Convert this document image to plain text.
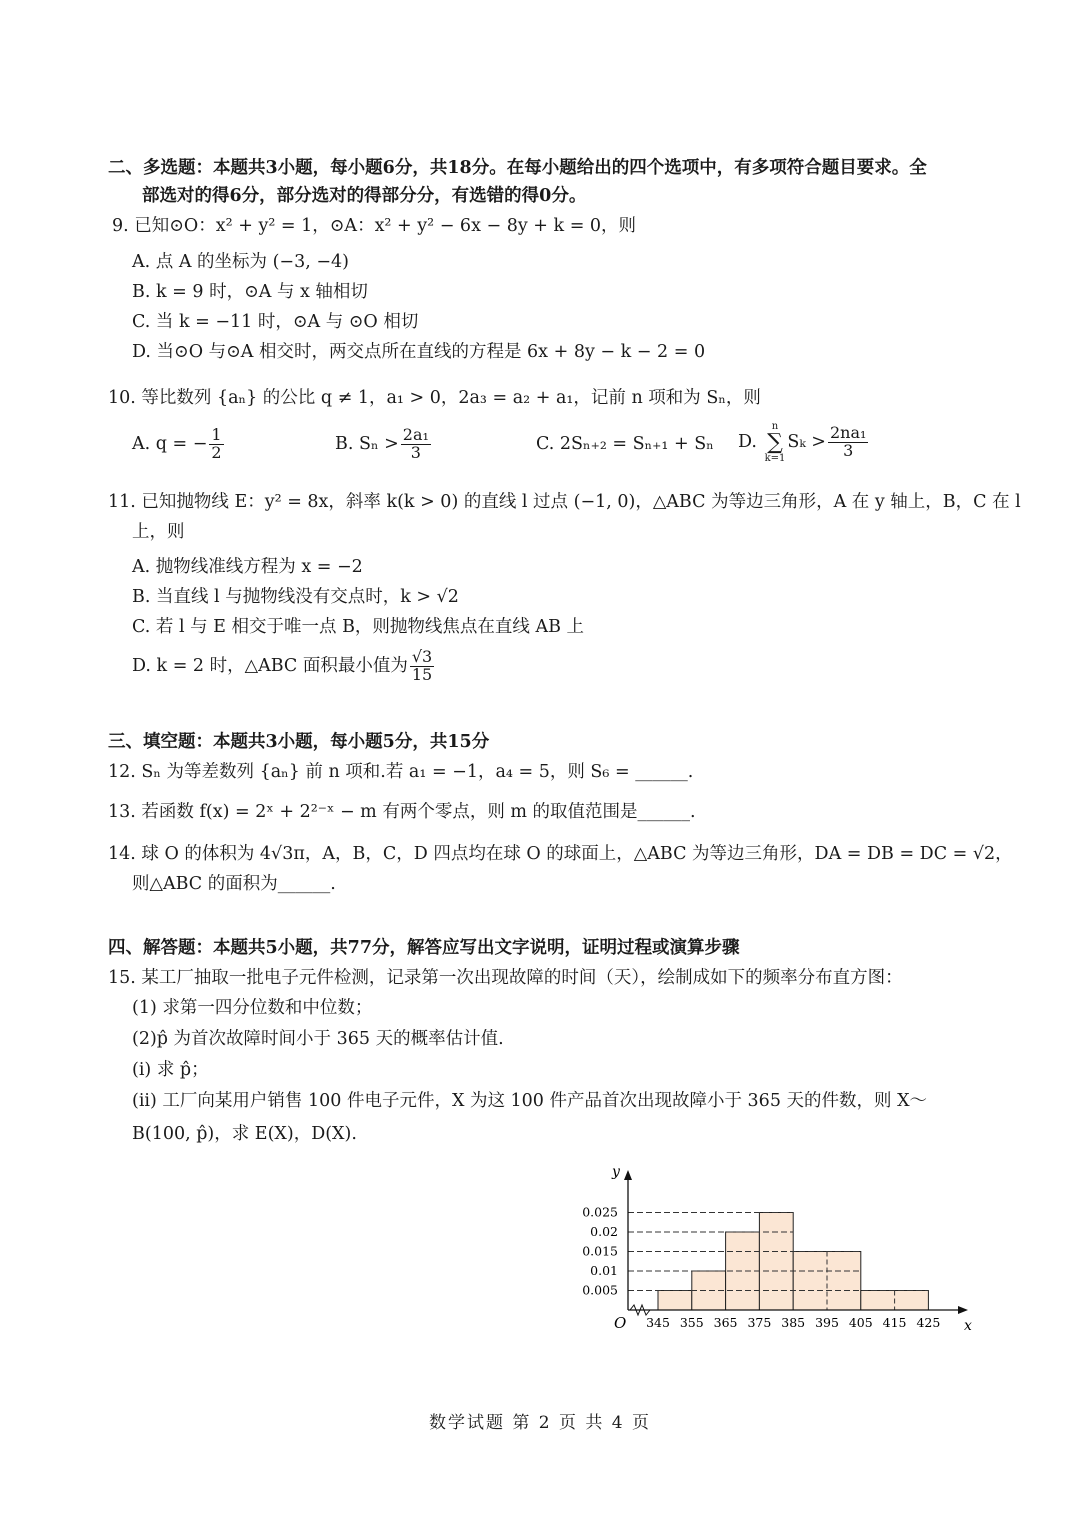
二、多选题：本题共3小题，每小题6分，共18分。在每小题给出的四个选项中，有多项符合题目要求。全
部选对的得6分，部分选对的得部分分，有选错的得0分。
9. 已知⊙O：x² + y² = 1，⊙A：x² + y² − 6x − 8y + k = 0，则
A. 点 A 的坐标为 (−3, −4)
B. k = 9 时，⊙A 与 x 轴相切
C. 当 k = −11 时，⊙A 与 ⊙O 相切
D. 当⊙O 与⊙A 相交时，两交点所在直线的方程是 6x + 8y − k − 2 = 0
10. 等比数列 {aₙ} 的公比 q ≠ 1，a₁ > 0，2a₃ = a₂ + a₁，记前 n 项和为 Sₙ，则
A. q = − $\frac{1}{2}$	B. $S_n > \frac{\text{2a₁}}{3}$	C. 2Sₙ₊₂ = Sₙ₊₁ + Sₙ D.
n
∑
k=1
$S_k > \frac{\text{2na₁}}{3}$
11. 已知抛物线 E：y² = 8x，斜率 k(k > 0) 的直线 l 过点 (−1, 0)，△ABC 为等边三角形，A 在 y 轴上，B，C 在 l
上，则
A. 抛物线准线方程为 x = −2
B. 当直线 l 与抛物线没有交点时，k > √2
C. 若 l 与 E 相交于唯一点 B，则抛物线焦点在直线 AB 上
D. k = 2 时，△ABC 面积最小值为 $\frac{√3}{15}$
三、填空题：本题共3小题，每小题5分，共15分
12. Sₙ 为等差数列 {aₙ} 前 n 项和.若 a₁ = −1，a₄ = 5，则 S₆ = ______.
13. 若函数 f(x) = 2ˣ + 2²⁻ˣ − m 有两个零点，则 m 的取值范围是______.
14. 球 O 的体积为 4√3π，A，B，C，D 四点均在球 O 的球面上，△ABC 为等边三角形，DA = DB = DC = √2，
则△ABC 的面积为______.
四、解答题：本题共5小题，共77分，解答应写出文字说明，证明过程或演算步骤
15. 某工厂抽取一批电子元件检测，记录第一次出现故障的时间（天），绘制成如下的频率分布直方图：
(1) 求第一四分位数和中位数；
(2)p̂ 为首次故障时间小于 365 天的概率估计值.
(i) 求 p̂；
(ii) 工厂向某用户销售 100 件电子元件，X 为这 100 件产品首次出现故障小于 365 天的件数，则 X～
B(100, p̂)，求 E(X)，D(X).
0.005
0.01
0.015
0.02
0.025
345 355 365 375 385 395 405 415 425
O	x
y
数学试题 第 2 页 共 4 页
